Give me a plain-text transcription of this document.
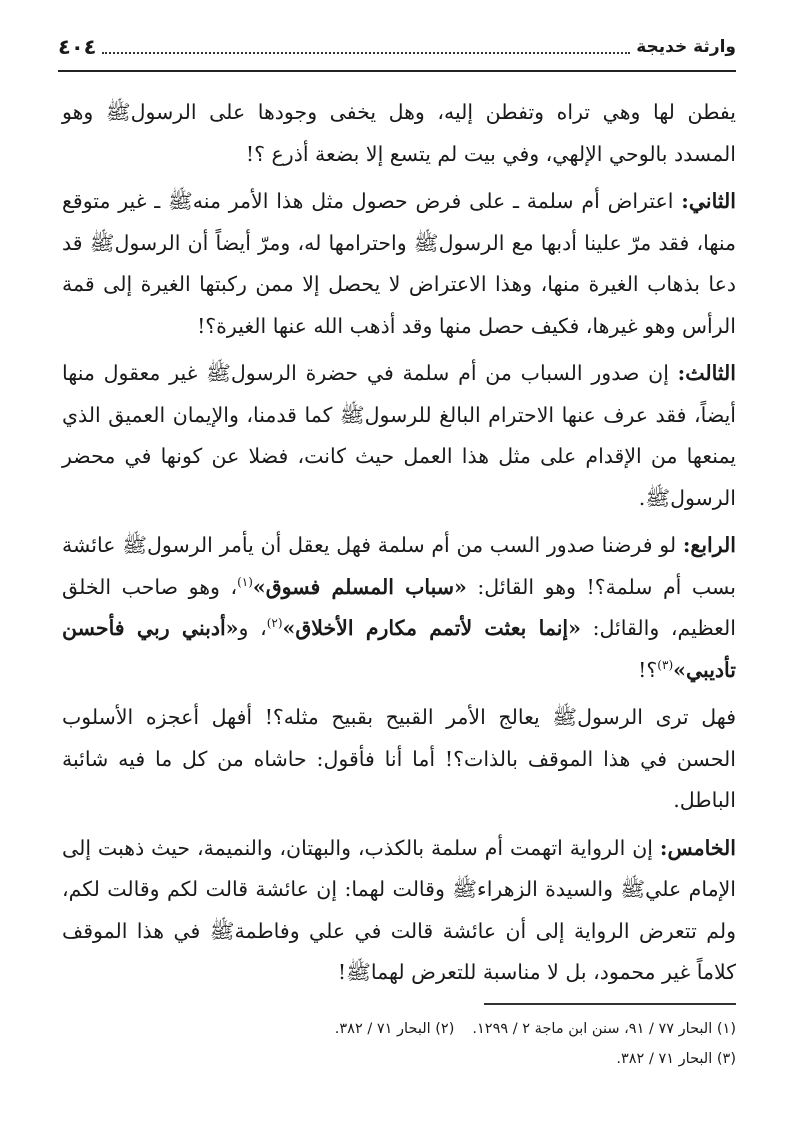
وارثة خديجة
٤٠٤

يفطن لها وهي تراه وتفطن إليه، وهل يخفى وجودها على الرسولﷺ وهو المسدد بالوحي الإلهي، وفي بيت لم يتسع إلا بضعة أذرع ؟!

الثاني: اعتراض أم سلمة ـ على فرض حصول مثل هذا الأمر منهﷺ ـ غير متوقع منها، فقد مرّ علينا أدبها مع الرسولﷺ واحترامها له، ومرّ أيضاً أن الرسولﷺ قد دعا بذهاب الغيرة منها، وهذا الاعتراض لا يحصل إلا ممن ركبتها الغيرة إلى قمة الرأس وهو غيرها، فكيف حصل منها وقد أذهب الله عنها الغيرة؟!

الثالث: إن صدور السباب من أم سلمة في حضرة الرسولﷺ غير معقول منها أيضاً، فقد عرف عنها الاحترام البالغ للرسولﷺ كما قدمنا، والإيمان العميق الذي يمنعها من الإقدام على مثل هذا العمل حيث كانت، فضلا عن كونها في محضر الرسولﷺ.

الرابع: لو فرضنا صدور السب من أم سلمة فهل يعقل أن يأمر الرسولﷺ عائشة بسب أم سلمة؟! وهو القائل: «سباب المسلم فسوق»$^{(١)}$، وهو صاحب الخلق العظيم، والقائل: «إنما بعثت لأتمم مكارم الأخلاق»$^{(٢)}$، و«أدبني ربي فأحسن تأديبي»$^{(٣)}$؟!

فهل ترى الرسولﷺ يعالج الأمر القبيح بقبيح مثله؟! أفهل أعجزه الأسلوب الحسن في هذا الموقف بالذات؟! أما أنا فأقول: حاشاه من كل ما فيه شائبة الباطل.

الخامس: إن الرواية اتهمت أم سلمة بالكذب، والبهتان، والنميمة، حيث ذهبت إلى الإمام عليﷺ والسيدة الزهراءﷺ وقالت لهما: إن عائشة قالت لكم وقالت لكم، ولم تتعرض الرواية إلى أن عائشة قالت في علي وفاطمةﷺ في هذا الموقف كلاماً غير محمود، بل لا مناسبة للتعرض لهماﷺ!

(١) البحار ٧٧ / ٩١، سنن ابن ماجة ٢ / ١٢٩٩.(٢) البحار ٧١ / ٣٨٢.
(٣) البحار ٧١ / ٣٨٢.
